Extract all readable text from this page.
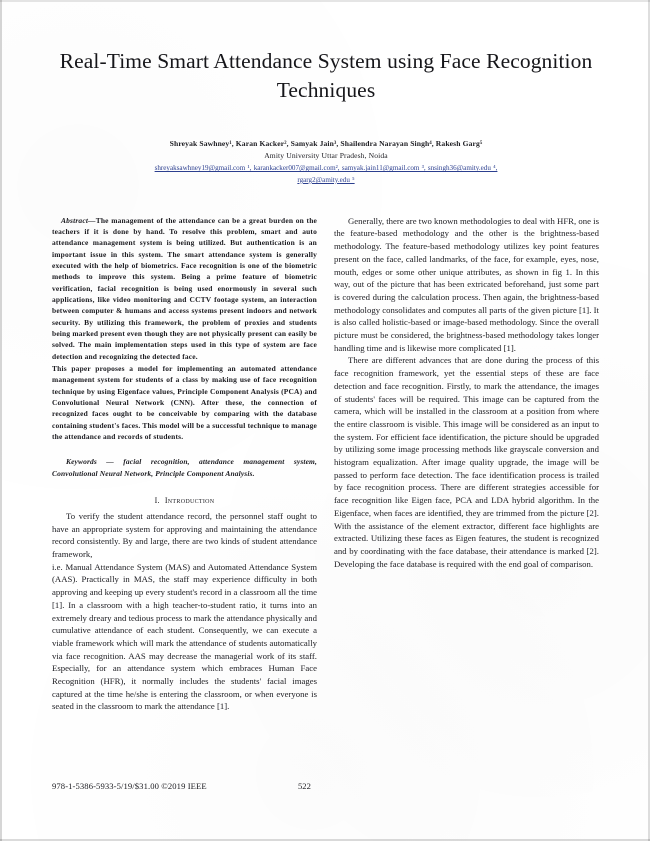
Real-Time Smart Attendance System using Face Recognition Techniques
Shreyak Sawhney¹, Karan Kacker², Samyak Jain³, Shailendra Narayan Singh⁴, Rakesh Garg⁵
Amity University Uttar Pradesh, Noida
shreyaksawhney19@gmail.com ¹, karankacker007@gmail.com², samyak.jain11@gmail.com ³, snsingh36@amity.edu ⁴,
rgarg2@amity.edu ⁵

Abstract—The management of the attendance can be a great burden on the teachers if it is done by hand. To resolve this problem, smart and auto attendance management system is being utilized. But authentication is an important issue in this system. The smart attendance system is generally executed with the help of biometrics. Face recognition is one of the biometric methods to improve this system. Being a prime feature of biometric verification, facial recognition is being used enormously in several such applications, like video monitoring and CCTV footage system, an interaction between computer & humans and access systems present indoors and network security. By utilizing this framework, the problem of proxies and students being marked present even though they are not physically present can easily be solved. The main implementation steps used in this type of system are face detection and recognizing the detected face.

This paper proposes a model for implementing an automated attendance management system for students of a class by making use of face recognition technique by using Eigenface values, Principle Component Analysis (PCA) and Convolutional Neural Network (CNN). After these, the connection of recognized faces ought to be conceivable by comparing with the database containing student's faces. This model will be a successful technique to manage the attendance and records of students.

Keywords — facial recognition, attendance management system, Convolutional Neural Network, Principle Component Analysis.

I. Introduction

To verify the student attendance record, the personnel staff ought to have an appropriate system for approving and maintaining the attendance record consistently. By and large, there are two kinds of student attendance framework,

i.e. Manual Attendance System (MAS) and Automated Attendance System (AAS). Practically in MAS, the staff may experience difficulty in both approving and keeping up every student's record in a classroom all the time [1]. In a classroom with a high teacher-to-student ratio, it turns into an extremely dreary and tedious process to mark the attendance physically and cumulative attendance of each student. Consequently, we can execute a viable framework which will mark the attendance of students automatically via face recognition. AAS may decrease the managerial work of its staff. Especially, for an attendance system which embraces Human Face Recognition (HFR), it normally includes the students' facial images captured at the time he/she is entering the classroom, or when everyone is seated in the classroom to mark the attendance [1].

Generally, there are two known methodologies to deal with HFR, one is the feature-based methodology and the other is the brightness-based methodology. The feature-based methodology utilizes key point features present on the face, called landmarks, of the face, for example, eyes, nose, mouth, edges or some other unique attributes, as shown in fig 1. In this way, out of the picture that has been extricated beforehand, just some part is covered during the calculation process. Then again, the brightness-based methodology consolidates and computes all parts of the given picture [1]. It is also called holistic-based or image-based methodology. Since the overall picture must be considered, the brightness-based methodology takes longer handling time and is likewise more complicated [1].

There are different advances that are done during the process of this face recognition framework, yet the essential steps of these are face detection and face recognition. Firstly, to mark the attendance, the images of students' faces will be required. This image can be captured from the camera, which will be installed in the classroom at a position from where the entire classroom is visible. This image will be considered as an input to the system. For efficient face identification, the picture should be upgraded by utilizing some image processing methods like grayscale conversion and histogram equalization. After image quality upgrade, the image will be passed to perform face detection. The face identification process is trailed by face recognition process. There are different strategies accessible for face recognition like Eigen face, PCA and LDA hybrid algorithm. In the Eigenface, when faces are identified, they are trimmed from the picture [2]. With the assistance of the element extractor, different face highlights are extracted. Utilizing these faces as Eigen features, the student is recognized and by coordinating with the face database, their attendance is marked [2]. Developing the face database is required with the end goal of comparison.

978-1-5386-5933-5/19/$31.00 ©2019 IEEE	522
